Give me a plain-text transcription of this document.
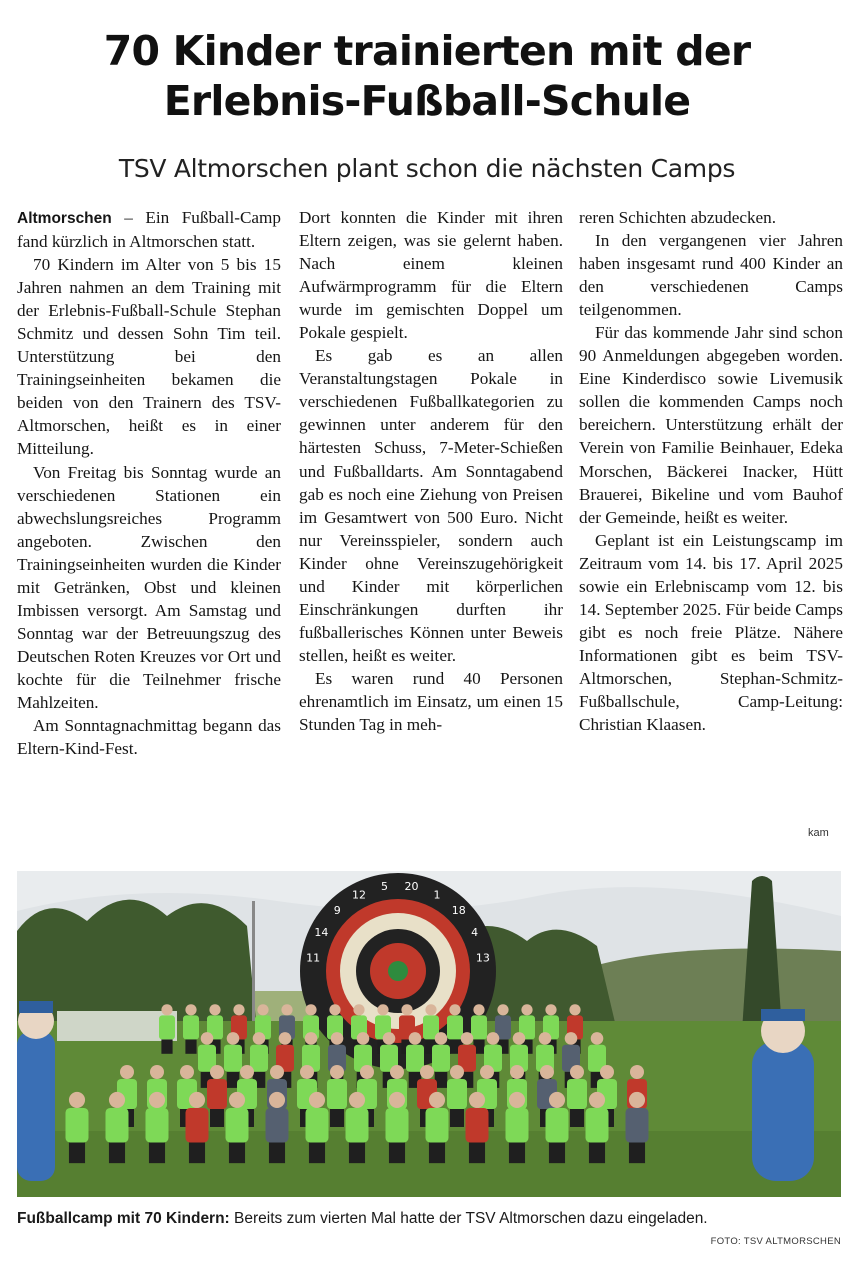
70 Kinder trainierten mit der
Erlebnis-Fußball-Schule
TSV Altmorschen plant schon die nächsten Camps

Altmorschen – Ein Fußball-Camp fand kürzlich in Altmorschen statt.

70 Kindern im Alter von 5 bis 15 Jahren nahmen an dem Training mit der Erlebnis-Fußball-Schule Stephan Schmitz und dessen Sohn Tim teil. Unterstützung bei den Trainingseinheiten bekamen die beiden von den Trainern des TSV-Altmorschen, heißt es in einer Mitteilung.

Von Freitag bis Sonntag wurde an verschiedenen Stationen ein abwechslungsreiches Programm angeboten. Zwischen den Trainingseinheiten wurden die Kinder mit Getränken, Obst und kleinen Imbissen versorgt. Am Samstag und Sonntag war der Betreuungszug des Deutschen Roten Kreuzes vor Ort und kochte für die Teilnehmer frische Mahlzeiten.

Am Sonntagnachmittag begann das Eltern-Kind-Fest.

Dort konnten die Kinder mit ihren Eltern zeigen, was sie gelernt haben. Nach einem kleinen Aufwärmprogramm für die Eltern wurde im gemischten Doppel um Pokale gespielt.

Es gab es an allen Veranstaltungstagen Pokale in verschiedenen Fußballkategorien zu gewinnen unter anderem für den härtesten Schuss, 7-Meter-Schießen und Fußballdarts. Am Sonntagabend gab es noch eine Ziehung von Preisen im Gesamtwert von 500 Euro. Nicht nur Vereinsspieler, sondern auch Kinder ohne Vereinszugehörigkeit und Kinder mit körperlichen Einschränkungen durften ihr fußballerisches Können unter Beweis stellen, heißt es weiter.

Es waren rund 40 Personen ehrenamtlich im Einsatz, um einen 15 Stunden Tag in meh-

reren Schichten abzudecken.

In den vergangenen vier Jahren haben insgesamt rund 400 Kinder an den verschiedenen Camps teilgenommen.

Für das kommende Jahr sind schon 90 Anmeldungen abgegeben worden. Eine Kinderdisco sowie Livemusik sollen die kommenden Camps noch bereichern. Unterstützung erhält der Verein von Familie Beinhauer, Edeka Morschen, Bäckerei Inacker, Hütt Brauerei, Bikeline und vom Bauhof der Gemeinde, heißt es weiter.

Geplant ist ein Leistungscamp im Zeitraum vom 14. bis 17. April 2025 sowie ein Erlebniscamp vom 12. bis 14. September 2025. Für beide Camps gibt es noch freie Plätze. Nähere Informationen gibt es beim TSV-Altmorschen, Stephan-Schmitz-Fußballschule, Camp-Leitung: Christian Klaasen.

kam
11
14
9
12
5 20
1
18
4
13

Fußballcamp mit 70 Kindern: Bereits zum vierten Mal hatte der TSV Altmorschen dazu eingeladen.

FOTO: TSV ALTMORSCHEN
